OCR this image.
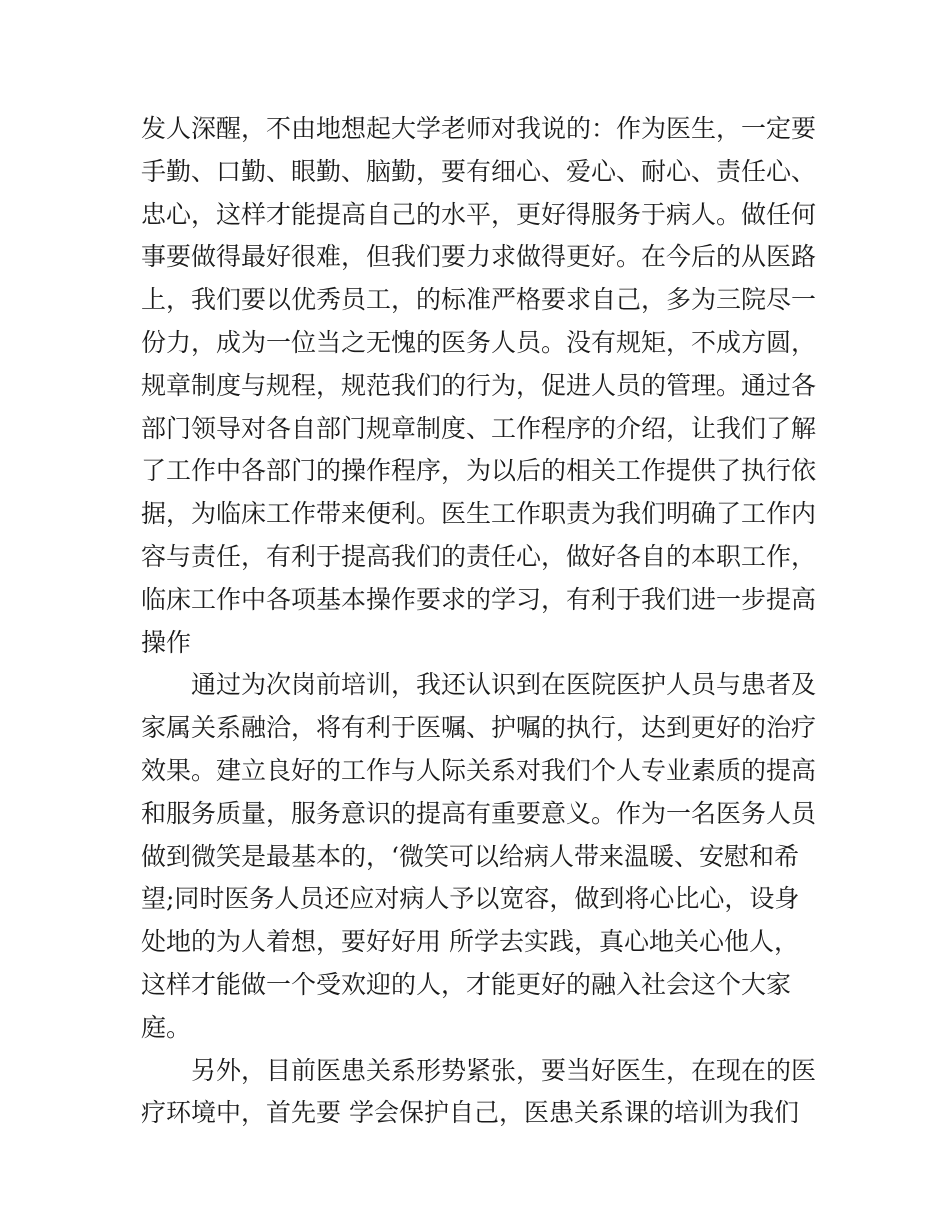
发人深醒，不由地想起大学老师对我说的：作为医生，一定要
手勤、口勤、眼勤、脑勤，要有细心、爱心、耐心、责任心、
忠心，这样才能提高自己的水平，更好得服务于病人。做任何
事要做得最好很难，但我们要力求做得更好。在今后的从医路
上，我们要以优秀员工，的标准严格要求自己，多为三院尽一
份力，成为一位当之无愧的医务人员。没有规矩，不成方圆，
规章制度与规程，规范我们的行为，促进人员的管理。通过各
部门领导对各自部门规章制度、工作程序的介绍，让我们了解
了工作中各部门的操作程序，为以后的相关工作提供了执行依
据，为临床工作带来便利。医生工作职责为我们明确了工作内
容与责任，有利于提高我们的责任心，做好各自的本职工作，
临床工作中各项基本操作要求的学习，有利于我们进一步提高
操作
通过为次岗前培训，我还认识到在医院医护人员与患者及
家属关系融洽，将有利于医嘱、护嘱的执行，达到更好的治疗
效果。建立良好的工作与人际关系对我们个人专业素质的提高
和服务质量，服务意识的提高有重要意义。作为一名医务人员
做到微笑是最基本的，‘微笑可以给病人带来温暖、安慰和希
望;同时医务人员还应对病人予以宽容，做到将心比心，设身
处地的为人着想，要好好用 所学去实践，真心地关心他人，
这样才能做一个受欢迎的人，才能更好的融入社会这个大家
庭。
另外，目前医患关系形势紧张，要当好医生，在现在的医
疗环境中，首先要 学会保护自己，医患关系课的培训为我们
